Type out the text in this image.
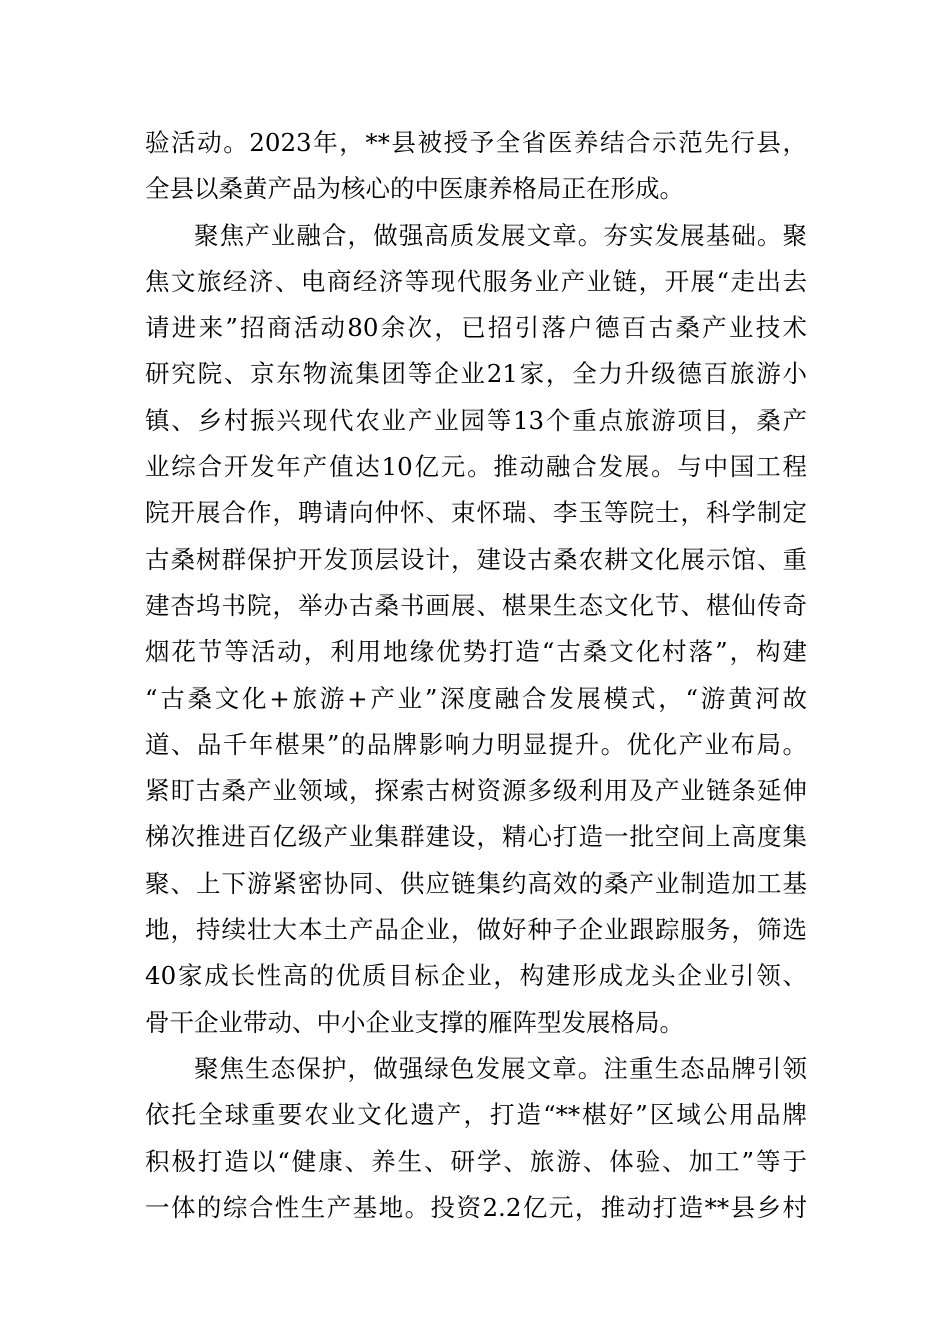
验活动。2023年，**县被授予全省医养结合示范先行县，
全县以桑黄产品为核心的中医康养格局正在形成。
聚焦产业融合，做强高质发展文章。夯实发展基础。聚
焦文旅经济、电商经济等现代服务业产业链，开展“走出去
请进来”招商活动80余次，已招引落户德百古桑产业技术
研究院、京东物流集团等企业21家，全力升级德百旅游小
镇、乡村振兴现代农业产业园等13个重点旅游项目，桑产
业综合开发年产值达10亿元。推动融合发展。与中国工程
院开展合作，聘请向仲怀、束怀瑞、李玉等院士，科学制定
古桑树群保护开发顶层设计，建设古桑农耕文化展示馆、重
建杏坞书院，举办古桑书画展、椹果生态文化节、椹仙传奇
烟花节等活动，利用地缘优势打造“古桑文化村落”，构建
“古桑文化+旅游+产业”深度融合发展模式，“游黄河故
道、品千年椹果”的品牌影响力明显提升。优化产业布局。
紧盯古桑产业领域，探索古树资源多级利用及产业链条延伸
梯次推进百亿级产业集群建设，精心打造一批空间上高度集
聚、上下游紧密协同、供应链集约高效的桑产业制造加工基
地，持续壮大本土产品企业，做好种子企业跟踪服务，筛选
40家成长性高的优质目标企业，构建形成龙头企业引领、
骨干企业带动、中小企业支撑的雁阵型发展格局。
聚焦生态保护，做强绿色发展文章。注重生态品牌引领
依托全球重要农业文化遗产，打造“**椹好”区域公用品牌
积极打造以“健康、养生、研学、旅游、体验、加工”等于
一体的综合性生产基地。投资2.2亿元，推动打造**县乡村
